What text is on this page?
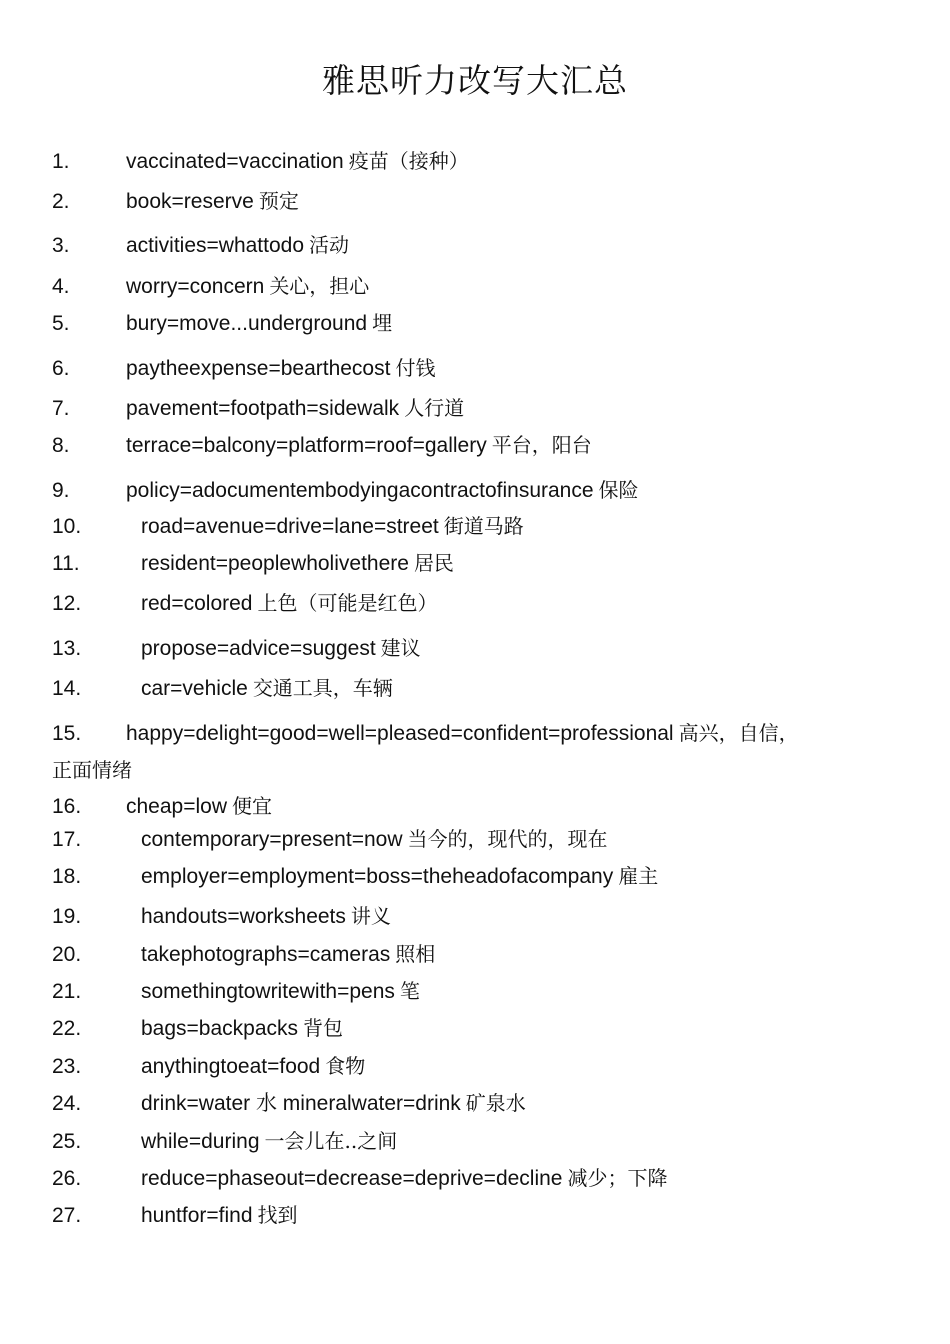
雅思听力改写大汇总
1.	vaccinated=vaccination 疫苗（接种）
2.	book=reserve 预定
3.	activities=whattodo 活动
4.	worry=concern 关心，担心
5.	bury=move...underground 埋
6.	paytheexpense=bearthecost 付钱
7.	pavement=footpath=sidewalk 人行道
8.	terrace=balcony=platform=roof=gallery 平台，阳台
9.	policy=adocumentembodyingacontractofinsurance 保险
10.	road=avenue=drive=lane=street 街道马路
11.	resident=peoplewholivethere 居民
12.	red=colored 上色（可能是红色）
13.	propose=advice=suggest 建议
14.	car=vehicle 交通工具，车辆
15. happy=delight=good=well=pleased=confident=professional 高兴，自信，
正面情绪
16. cheap=low 便宜
17.	contemporary=present=now 当今的，现代的，现在
18.	employer=employment=boss=theheadofacompany 雇主
19.	handouts=worksheets 讲义
20.	takephotographs=cameras 照相
21.	somethingtowritewith=pens 笔
22.	bags=backpacks 背包
23.	anythingtoeat=food 食物
24.	drink=water 水 mineralwater=drink 矿泉水
25.	while=during 一会儿在..之间
26.	reduce=phaseout=decrease=deprive=decline 减少；下降
27.	huntfor=find 找到
